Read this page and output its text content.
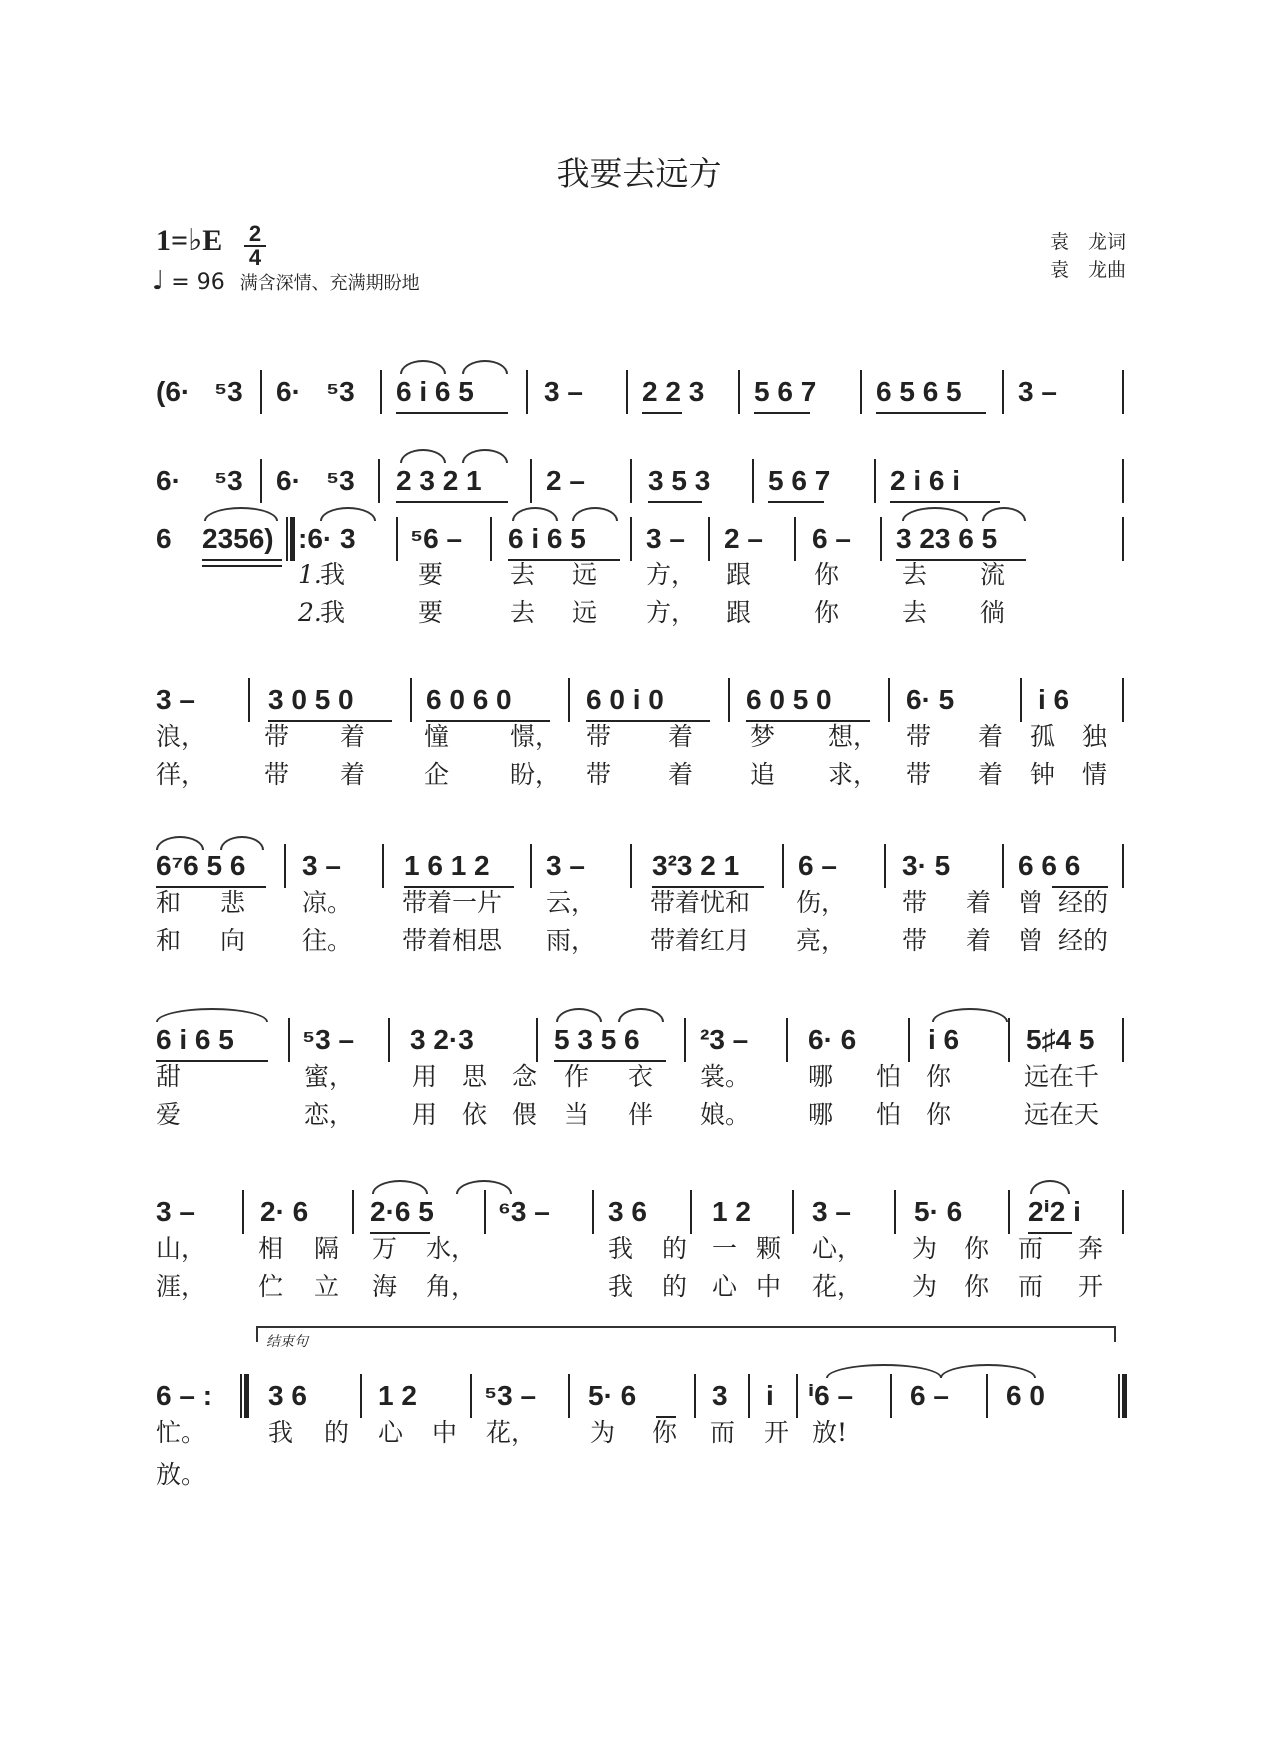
我要去远方
1=♭E 2
4
♩ = 96 满含深情、充满期盼地
袁　龙词
袁　龙曲
(6· ⁵3 6· ⁵3 6 i 6 5	3 – 2 2 3 5 6 7 6 5 6 5 3 –
6· ⁵3 6· ⁵3 2 3 2 1 2 – 3 5 3 5 6 7 2 i 6 i
6 2356) :6· 3 ⁵6 – 6 i 6 5 3 – 2 – 6 – 3 23 6 5
1.
我	要	去 远 方， 跟	你	去 流
2.
我	要	去 远 方， 跟	你	去 徜
3 –	3 0 5 0	6 0 6 0	6 0 i 0	6 0 5 0	6· 5	i 6
浪， 带 着 憧 憬， 带 着 梦 想， 带 着 孤 独
徉， 带 着 企 盼， 带 着 追 求， 带 着 钟 情
6⁷6 5 6 3 – 1 6 1 2 3 – 3²3 2 1 6 – 3· 5 6 6 6
和 悲 凉。 带着一片 云， 带着忧和 伤， 带 着 曾 经的
和 向 往。 带着相思 雨， 带着红月 亮， 带 着 曾 经的
6 i 6 5 ⁵3 – 3 2·3	5 3 5 6 ²3 – 6· 6	i 6 5♯4 5
甜	蜜， 用 思 念 作 衣 裳。 哪 怕 你	远在千
爱	恋， 用 依 偎 当 伴 娘。 哪 怕 你	远在天
3 – 2· 6 2·6 5 ⁶3 – 3 6 1 2 3 – 5· 6 2ⁱ2 i
山， 相 隔 万 水，	我 的 一 颗 心， 为 你 而 奔
涯， 伫 立 海 角，	我 的 心 中 花， 为 你 而 开
结束句
6 – : 3 6	1 2 ⁵3 – 5· 6	3 i ⁱ6 – 6 – 6 0
忙。 我 的 心 中 花， 为 你 而 开 放!
放。
